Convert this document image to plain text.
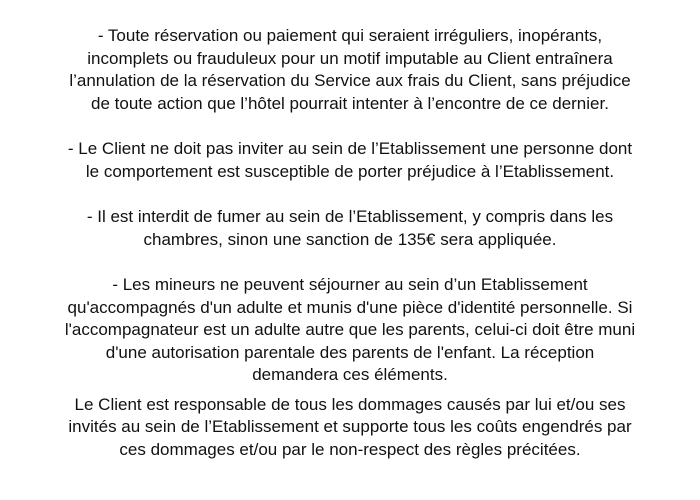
- Toute réservation ou paiement qui seraient irréguliers, inopérants,
incomplets ou frauduleux pour un motif imputable au Client entraînera
l’annulation de la réservation du Service aux frais du Client, sans préjudice
de toute action que l’hôtel pourrait intenter à l’encontre de ce dernier.

- Le Client ne doit pas inviter au sein de l’Etablissement une personne dont
le comportement est susceptible de porter préjudice à l’Etablissement.

- Il est interdit de fumer au sein de l’Etablissement, y compris dans les
chambres, sinon une sanction de 135€ sera appliquée.

- Les mineurs ne peuvent séjourner au sein d’un Etablissement
qu'accompagnés d'un adulte et munis d'une pièce d'identité personnelle. Si
l'accompagnateur est un adulte autre que les parents, celui-ci doit être muni
d'une autorisation parentale des parents de l'enfant. La réception
demandera ces éléments.

Le Client est responsable de tous les dommages causés par lui et/ou ses
invités au sein de l’Etablissement et supporte tous les coûts engendrés par
ces dommages et/ou par le non-respect des règles précitées.
